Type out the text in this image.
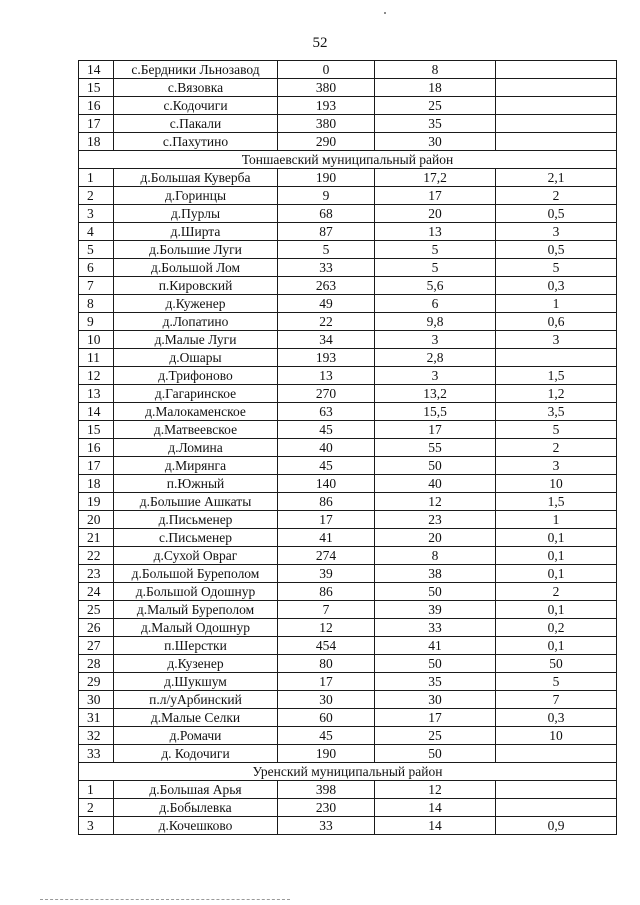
52
14	с.Бердники Льнозавод	0	8	
15	с.Вязовка	380	18	
16	с.Кодочиги	193	25	
17	с.Пакали	380	35	
18	с.Пахутино	290	30	
Тоншаевский муниципальный район				
1	д.Большая Куверба	190	17,2	2,1
2	д.Горинцы	9	17	2
3	д.Пурлы	68	20	0,5
4	д.Ширта	87	13	3
5	д.Большие Луги	5	5	0,5
6	д.Большой Лом	33	5	5
7	п.Кировский	263	5,6	0,3
8	д.Куженер	49	6	1
9	д.Лопатино	22	9,8	0,6
10	д.Малые Луги	34	3	3
11	д.Ошары	193	2,8	
12	д.Трифоново	13	3	1,5
13	д.Гагаринское	270	13,2	1,2
14	д.Малокаменское	63	15,5	3,5
15	д.Матвеевское	45	17	5
16	д.Ломина	40	55	2
17	д.Мирянга	45	50	3
18	п.Южный	140	40	10
19	д.Большие Ашкаты	86	12	1,5
20	д.Письменер	17	23	1
21	с.Письменер	41	20	0,1
22	д.Сухой Овраг	274	8	0,1
23	д.Большой Буреполом	39	38	0,1
24	д.Большой Одошнур	86	50	2
25	д.Малый Буреполом	7	39	0,1
26	д.Малый Одошнур	12	33	0,2
27	п.Шерстки	454	41	0,1
28	д.Кузенер	80	50	50
29	д.Шукшум	17	35	5
30	п.л/уАрбинский	30	30	7
31	д.Малые Селки	60	17	0,3
32	д.Ромачи	45	25	10
33	д. Кодочиги	190	50	
Уренский муниципальный район				
1	д.Большая Арья	398	12	
2	д.Бобылевка	230	14	
3	д.Кочешково	33	14	0,9
